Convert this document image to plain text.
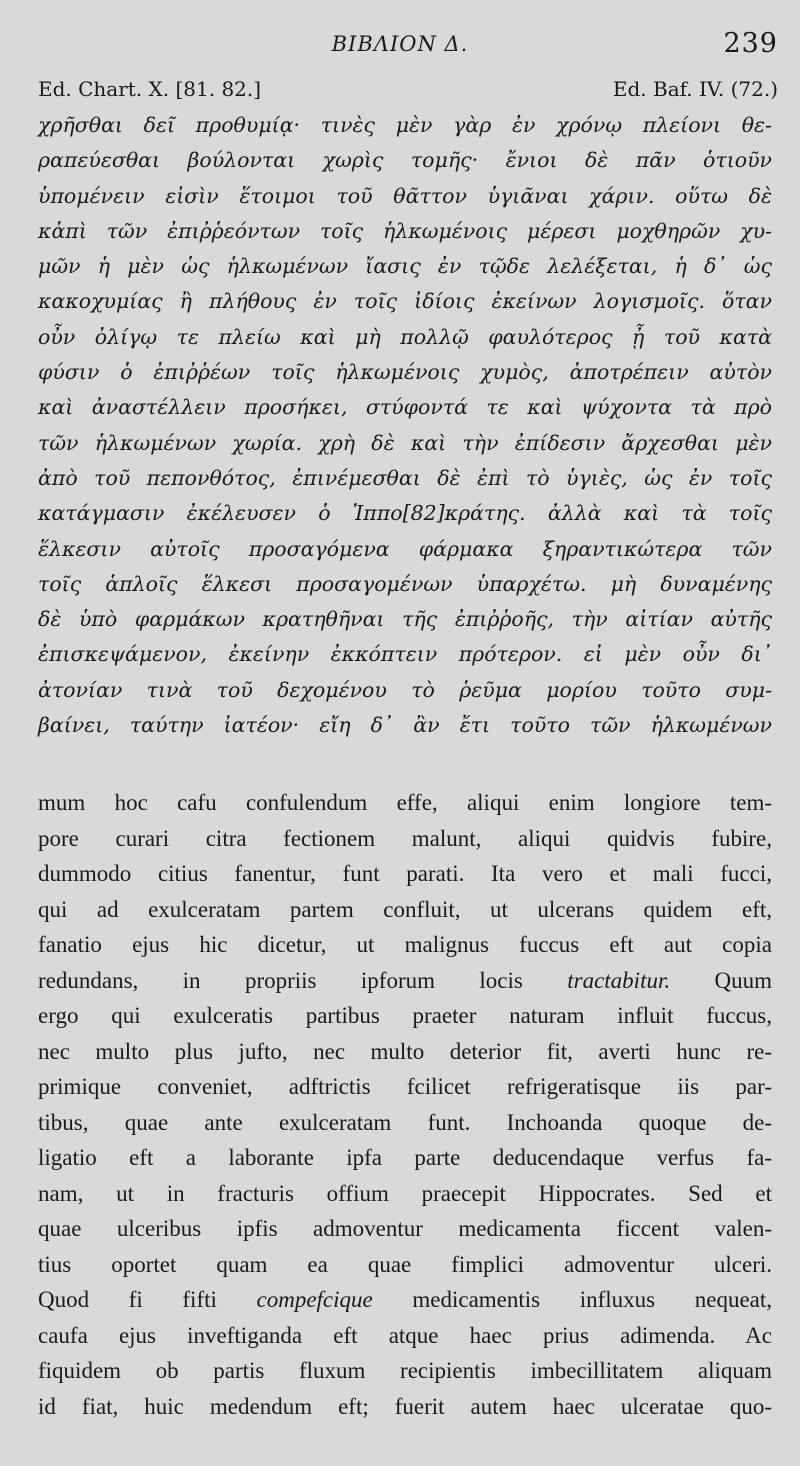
ΒΙΒΛΙΟΝ Δ.	239
Ed. Chart. X. [81. 82.]	Ed. Baf. IV. (72.)
χρῆσθαι δεῖ προθυμίᾳ· τινὲς μὲν γὰρ ἐν χρόνῳ πλείονι θε-
ραπεύεσθαι βούλονται χωρὶς τομῆς· ἔνιοι δὲ πᾶν ὁτιοῦν
ὑπομένειν εἰσὶν ἕτοιμοι τοῦ θᾶττον ὑγιᾶναι χάριν. οὕτω δὲ
κἀπὶ τῶν ἐπιῤῥεόντων τοῖς ἡλκωμένοις μέρεσι μοχθηρῶν χυ-
μῶν ἡ μὲν ὡς ἡλκωμένων ἴασις ἐν τῷδε λελέξεται, ἡ δ᾽ ὡς
κακοχυμίας ἢ πλήθους ἐν τοῖς ἰδίοις ἐκείνων λογισμοῖς. ὅταν
οὖν ὀλίγῳ τε πλείω καὶ μὴ πολλῷ φαυλότερος ᾖ τοῦ κατὰ
φύσιν ὁ ἐπιῤῥέων τοῖς ἡλκωμένοις χυμὸς, ἀποτρέπειν αὐτὸν
καὶ ἀναστέλλειν προσήκει, στύφοντά τε καὶ ψύχοντα τὰ πρὸ
τῶν ἡλκωμένων χωρία. χρὴ δὲ καὶ τὴν ἐπίδεσιν ἄρχεσθαι μὲν
ἀπὸ τοῦ πεπονθότος, ἐπινέμεσθαι δὲ ἐπὶ τὸ ὑγιὲς, ὡς ἐν τοῖς
κατάγμασιν ἐκέλευσεν ὁ Ἱππο[82]κράτης. ἀλλὰ καὶ τὰ τοῖς
ἕλκεσιν αὐτοῖς προσαγόμενα φάρμακα ξηραντικώτερα τῶν
τοῖς ἁπλοῖς ἕλκεσι προσαγομένων ὑπαρχέτω. μὴ δυναμένης
δὲ ὑπὸ φαρμάκων κρατηθῆναι τῆς ἐπιῤῥοῆς, τὴν αἰτίαν αὐτῆς
ἐπισκεψάμενον, ἐκείνην ἐκκόπτειν πρότερον. εἰ μὲν οὖν δι᾽
ἀτονίαν τινὰ τοῦ δεχομένου τὸ ῥεῦμα μορίου τοῦτο συμ-
βαίνει, ταύτην ἰατέον· εἴη δ᾽ ἂν ἔτι τοῦτο τῶν ἡλκωμένων
mum hoc cafu confulendum effe, aliqui enim longiore tem-
pore curari citra fectionem malunt, aliqui quidvis fubire,
dummodo citius fanentur, funt parati. Ita vero et mali fucci,
qui ad exulceratam partem confluit, ut ulcerans quidem eft,
fanatio ejus hic dicetur, ut malignus fuccus eft aut copia
redundans, in propriis ipforum locis tractabitur. Quum
ergo qui exulceratis partibus praeter naturam influit fuccus,
nec multo plus jufto, nec multo deterior fit, averti hunc re-
primique conveniet, adftrictis fcilicet refrigeratisque iis par-
tibus, quae ante exulceratam funt. Inchoanda quoque de-
ligatio eft a laborante ipfa parte deducendaque verfus fa-
nam, ut in fracturis offium praecepit Hippocrates. Sed et
quae ulceribus ipfis admoventur medicamenta ficcent valen-
tius oportet quam ea quae fimplici admoventur ulceri.
Quod fi fifti compefcique medicamentis influxus nequeat,
caufa ejus inveftiganda eft atque haec prius adimenda. Ac
fiquidem ob partis fluxum recipientis imbecillitatem aliquam
id fiat, huic medendum eft; fuerit autem haec ulceratae quo-
